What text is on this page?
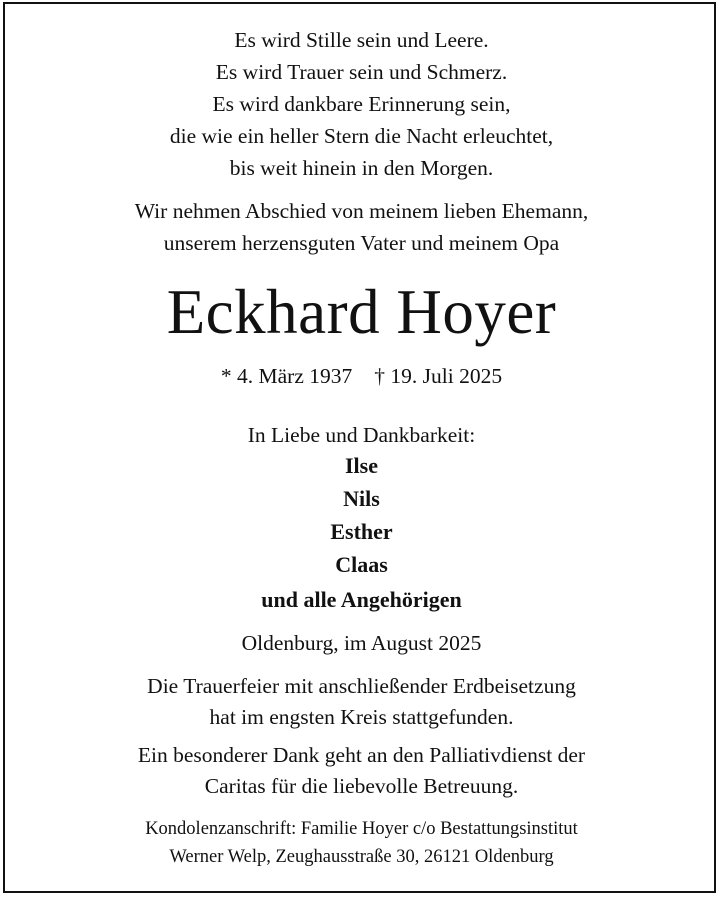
Es wird Stille sein und Leere.
Es wird Trauer sein und Schmerz.
Es wird dankbare Erinnerung sein,
die wie ein heller Stern die Nacht erleuchtet,
bis weit hinein in den Morgen.
Wir nehmen Abschied von meinem lieben Ehemann,
unserem herzensguten Vater und meinem Opa
Eckhard Hoyer
* 4. März 1937 † 19. Juli 2025
In Liebe und Dankbarkeit:
Ilse
Nils
Esther
Claas
und alle Angehörigen
Oldenburg, im August 2025
Die Trauerfeier mit anschließender Erdbeisetzung
hat im engsten Kreis stattgefunden.
Ein besonderer Dank geht an den Palliativdienst der
Caritas für die liebevolle Betreuung.
Kondolenzanschrift: Familie Hoyer c/o Bestattungsinstitut
Werner Welp, Zeughausstraße 30, 26121 Oldenburg
